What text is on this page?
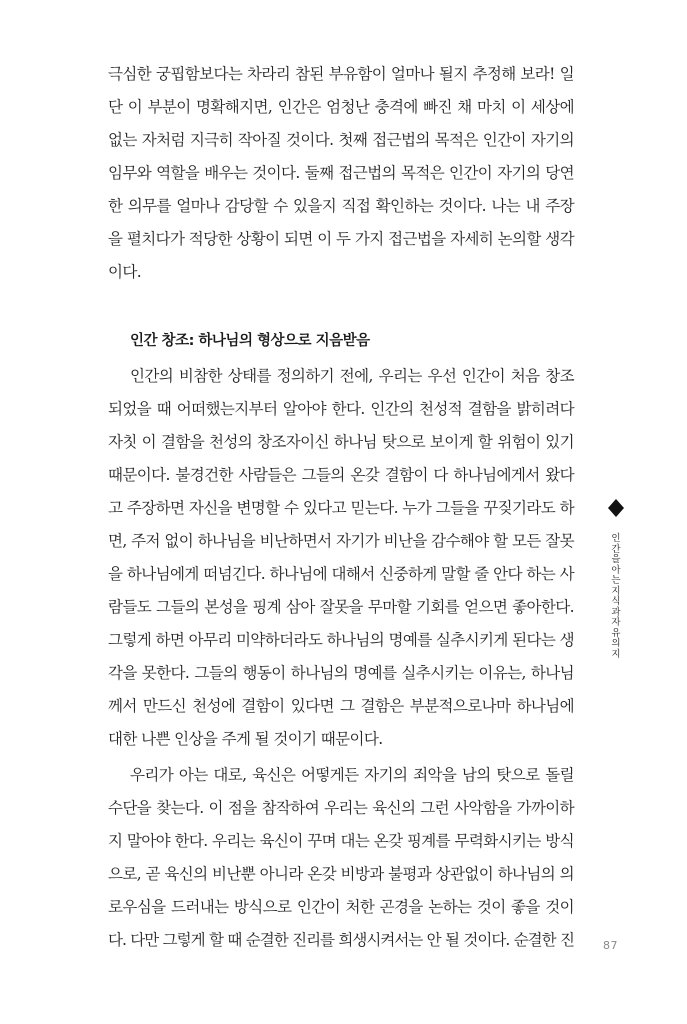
극심한 궁핍함보다는 차라리 참된 부유함이 얼마나 될지 추정해 보라! 일
단 이 부분이 명확해지면, 인간은 엄청난 충격에 빠진 채 마치 이 세상에
없는 자처럼 지극히 작아질 것이다. 첫째 접근법의 목적은 인간이 자기의
임무와 역할을 배우는 것이다. 둘째 접근법의 목적은 인간이 자기의 당연
한 의무를 얼마나 감당할 수 있을지 직접 확인하는 것이다. 나는 내 주장
을 펼치다가 적당한 상황이 되면 이 두 가지 접근법을 자세히 논의할 생각
이다.
인간 창조: 하나님의 형상으로 지음받음
인간의 비참한 상태를 정의하기 전에, 우리는 우선 인간이 처음 창조
되었을 때 어떠했는지부터 알아야 한다. 인간의 천성적 결함을 밝히려다
자칫 이 결함을 천성의 창조자이신 하나님 탓으로 보이게 할 위험이 있기
때문이다. 불경건한 사람들은 그들의 온갖 결함이 다 하나님에게서 왔다
고 주장하면 자신을 변명할 수 있다고 믿는다. 누가 그들을 꾸짖기라도 하
면, 주저 없이 하나님을 비난하면서 자기가 비난을 감수해야 할 모든 잘못
을 하나님에게 떠넘긴다. 하나님에 대해서 신중하게 말할 줄 안다 하는 사
람들도 그들의 본성을 핑계 삼아 잘못을 무마할 기회를 얻으면 좋아한다.
그렇게 하면 아무리 미약하더라도 하나님의 명예를 실추시키게 된다는 생
각을 못한다. 그들의 행동이 하나님의 명예를 실추시키는 이유는, 하나님
께서 만드신 천성에 결함이 있다면 그 결함은 부분적으로나마 하나님에
대한 나쁜 인상을 주게 될 것이기 때문이다.
우리가 아는 대로, 육신은 어떻게든 자기의 죄악을 남의 탓으로 돌릴
수단을 찾는다. 이 점을 참작하여 우리는 육신의 그런 사악함을 가까이하
지 말아야 한다. 우리는 육신이 꾸며 대는 온갖 핑계를 무력화시키는 방식
으로, 곧 육신의 비난뿐 아니라 온갖 비방과 불평과 상관없이 하나님의 의
로우심을 드러내는 방식으로 인간이 처한 곤경을 논하는 것이 좋을 것이
다. 다만 그렇게 할 때 순결한 진리를 희생시켜서는 안 될 것이다. 순결한 진
인간을 아는 지식과 자유의지
87
